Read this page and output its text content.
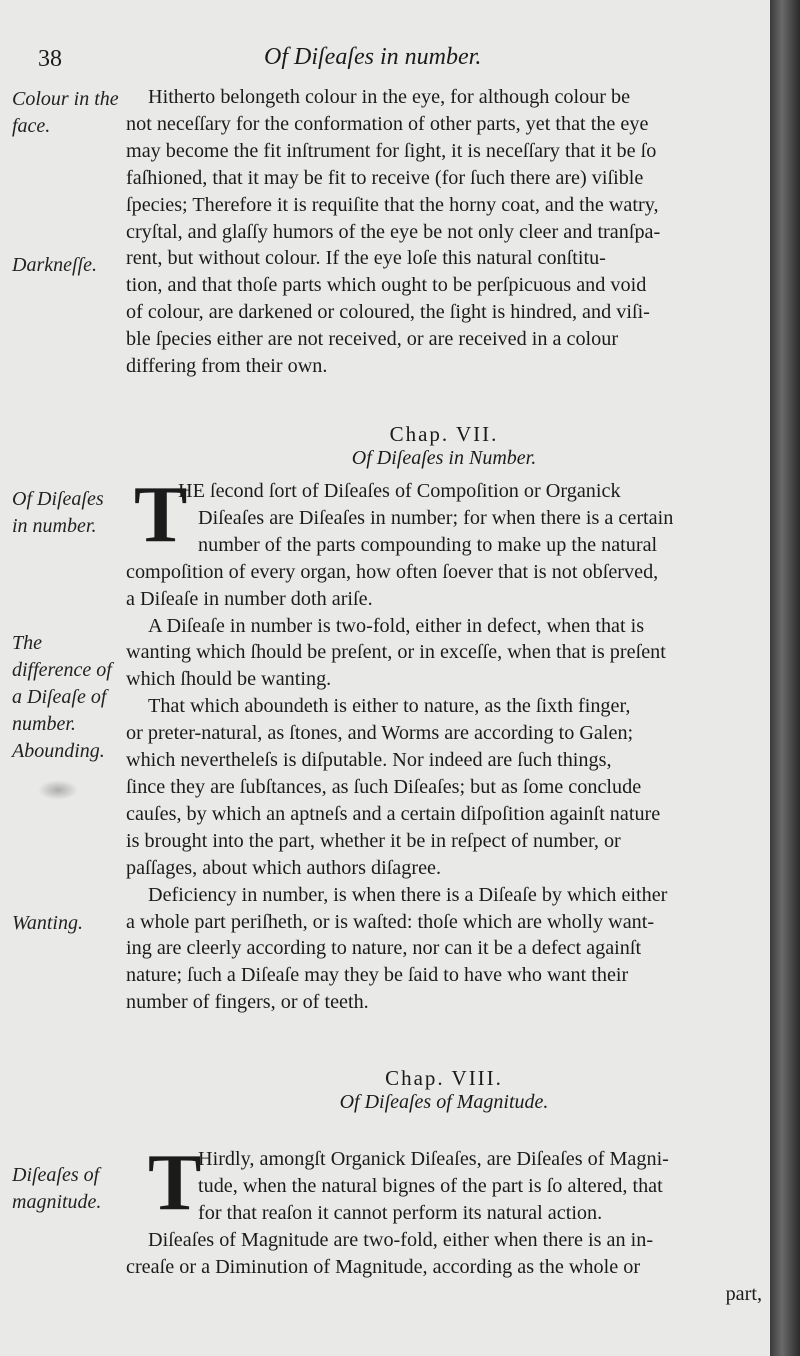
38	Of Diſeaſes in number.
Colour in the face.
Darkneſſe.
Of Diſeaſes in number.
The difference of a Diſeaſe of number.
Abounding.
Wanting.
Diſeaſes of magnitude.
Hitherto belongeth colour in the eye, for although colour be
not neceſſary for the conformation of other parts, yet that the eye
may become the fit inſtrument for ſight, it is neceſſary that it be ſo
faſhioned, that it may be fit to receive (for ſuch there are) viſible
ſpecies; Therefore it is requiſite that the horny coat, and the watry,
cryſtal, and glaſſy humors of the eye be not only cleer and tranſpa-
rent, but without colour. If the eye loſe this natural conſtitu-
tion, and that thoſe parts which ought to be perſpicuous and void
of colour, are darkened or coloured, the ſight is hindred, and viſi-
ble ſpecies either are not received, or are received in a colour
differing from their own.
Chap. VII.
Of Diſeaſes in Number.
T
HE ſecond ſort of Diſeaſes of Compoſition or Organick
Diſeaſes are Diſeaſes in number; for when there is a certain
number of the parts compounding to make up the natural
compoſition of every organ, how often ſoever that is not obſerved,
a Diſeaſe in number doth ariſe.
A Diſeaſe in number is two-fold, either in defect, when that is
wanting which ſhould be preſent, or in exceſſe, when that is preſent
which ſhould be wanting.
That which aboundeth is either to nature, as the ſixth finger,
or preter-natural, as ſtones, and Worms are according to Galen;
which nevertheleſs is diſputable. Nor indeed are ſuch things,
ſince they are ſubſtances, as ſuch Diſeaſes; but as ſome conclude
cauſes, by which an aptneſs and a certain diſpoſition againſt nature
is brought into the part, whether it be in reſpect of number, or
paſſages, about which authors diſagree.
Deficiency in number, is when there is a Diſeaſe by which either
a whole part periſheth, or is waſted: thoſe which are wholly want-
ing are cleerly according to nature, nor can it be a defect againſt
nature; ſuch a Diſeaſe may they be ſaid to have who want their
number of fingers, or of teeth.
Chap. VIII.
Of Diſeaſes of Magnitude.
T
Hirdly, amongſt Organick Diſeaſes, are Diſeaſes of Magni-
tude, when the natural bignes of the part is ſo altered, that
for that reaſon it cannot perform its natural action.
Diſeaſes of Magnitude are two-fold, either when there is an in-
creaſe or a Diminution of Magnitude, according as the whole or
part,
